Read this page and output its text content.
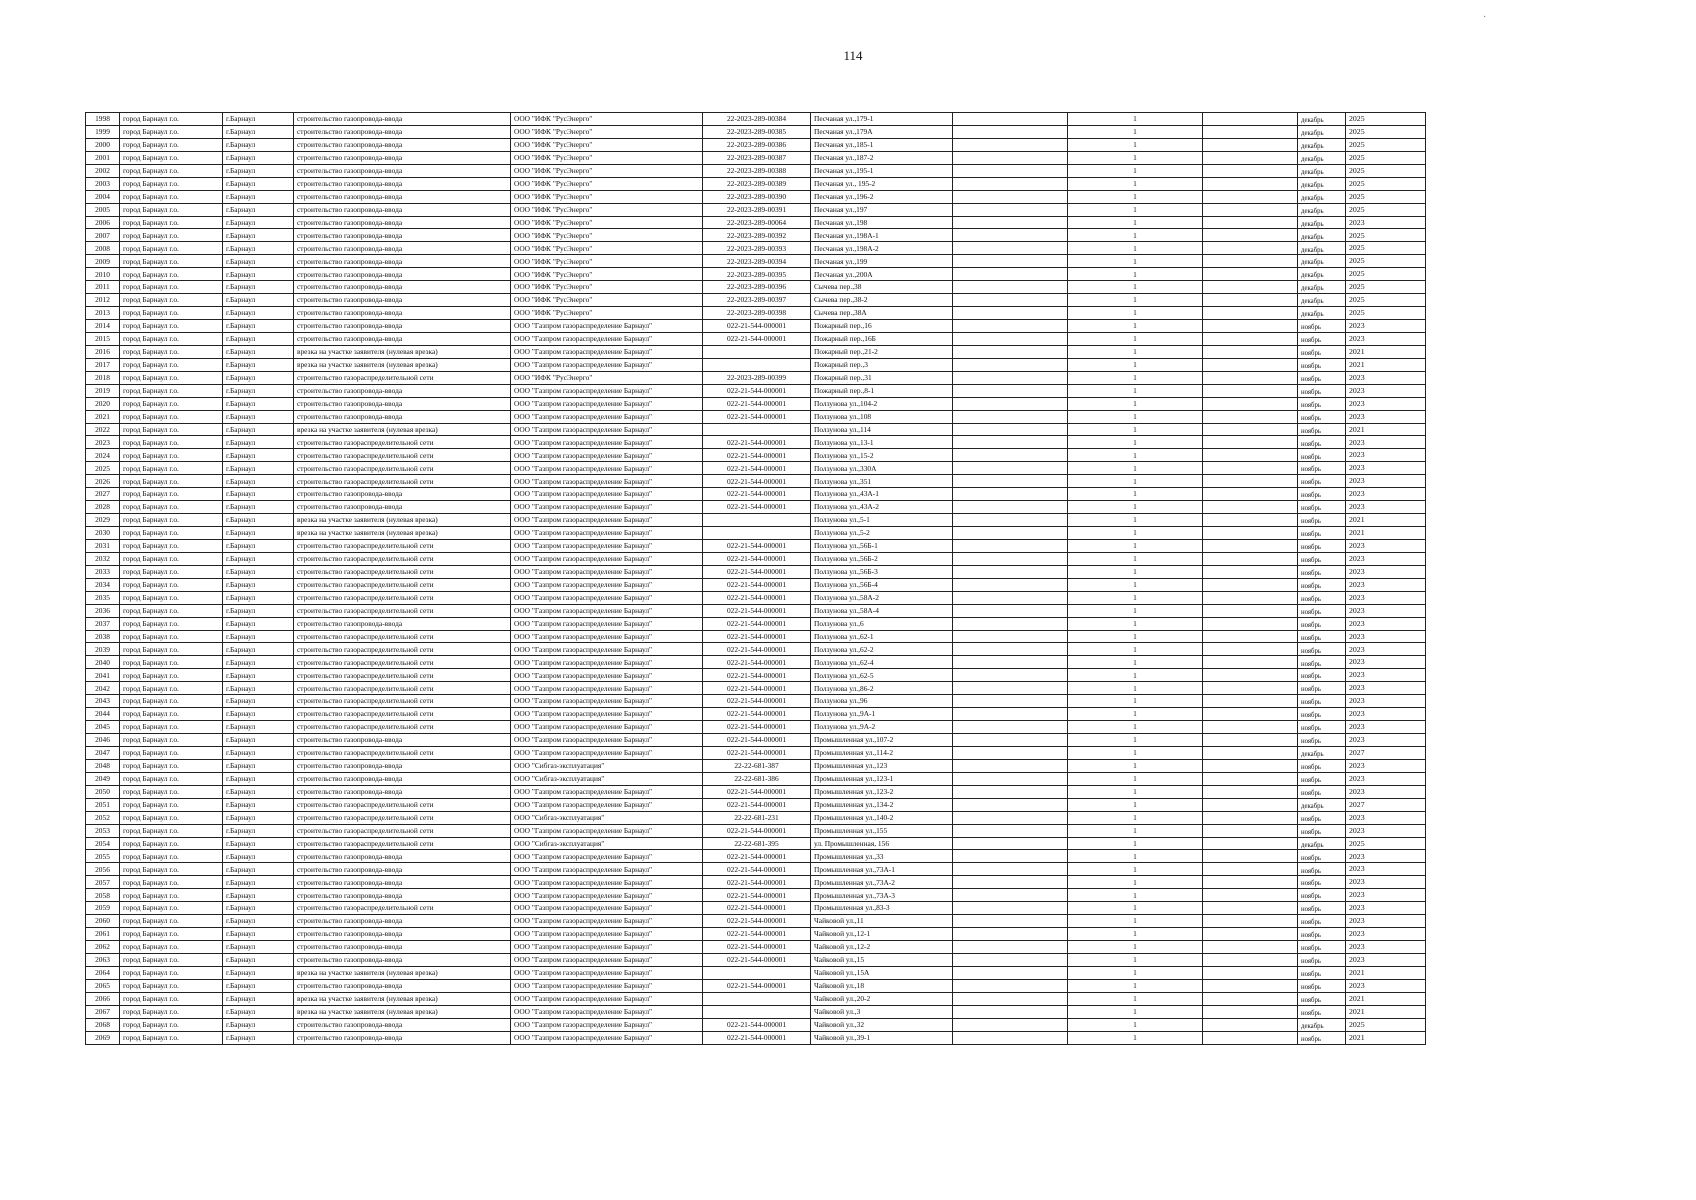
114
1998	город Барнаул г.о.	г.Барнаул	строительство газопровода-ввода	ООО "ИФК "РусЭнерго"	22-2023-289-00384	Песчаная ул.,179-1		1		декабрь	2025
1999	город Барнаул г.о.	г.Барнаул	строительство газопровода-ввода	ООО "ИФК "РусЭнерго"	22-2023-289-00385	Песчаная ул.,179А		1		декабрь	2025
2000	город Барнаул г.о.	г.Барнаул	строительство газопровода-ввода	ООО "ИФК "РусЭнерго"	22-2023-289-00386	Песчаная ул.,185-1		1		декабрь	2025
2001	город Барнаул г.о.	г.Барнаул	строительство газопровода-ввода	ООО "ИФК "РусЭнерго"	22-2023-289-00387	Песчаная ул.,187-2		1		декабрь	2025
2002	город Барнаул г.о.	г.Барнаул	строительство газопровода-ввода	ООО "ИФК "РусЭнерго"	22-2023-289-00388	Песчаная ул.,195-1		1		декабрь	2025
2003	город Барнаул г.о.	г.Барнаул	строительство газопровода-ввода	ООО "ИФК "РусЭнерго"	22-2023-289-00389	Песчаная ул., 195-2		1		декабрь	2025
2004	город Барнаул г.о.	г.Барнаул	строительство газопровода-ввода	ООО "ИФК "РусЭнерго"	22-2023-289-00390	Песчаная ул.,196-2		1		декабрь	2025
2005	город Барнаул г.о.	г.Барнаул	строительство газопровода-ввода	ООО "ИФК "РусЭнерго"	22-2023-289-00391	Песчаная ул.,197		1		декабрь	2025
2006	город Барнаул г.о.	г.Барнаул	строительство газопровода-ввода	ООО "ИФК "РусЭнерго"	22-2023-289-00064	Песчаная ул.,198		1		декабрь	2023
2007	город Барнаул г.о.	г.Барнаул	строительство газопровода-ввода	ООО "ИФК "РусЭнерго"	22-2023-289-00392	Песчаная ул.,198А-1		1		декабрь	2025
2008	город Барнаул г.о.	г.Барнаул	строительство газопровода-ввода	ООО "ИФК "РусЭнерго"	22-2023-289-00393	Песчаная ул.,198А-2		1		декабрь	2025
2009	город Барнаул г.о.	г.Барнаул	строительство газопровода-ввода	ООО "ИФК "РусЭнерго"	22-2023-289-00394	Песчаная ул.,199		1		декабрь	2025
2010	город Барнаул г.о.	г.Барнаул	строительство газопровода-ввода	ООО "ИФК "РусЭнерго"	22-2023-289-00395	Песчаная ул.,200А		1		декабрь	2025
2011	город Барнаул г.о.	г.Барнаул	строительство газопровода-ввода	ООО "ИФК "РусЭнерго"	22-2023-289-00396	Сычева пер.,38		1		декабрь	2025
2012	город Барнаул г.о.	г.Барнаул	строительство газопровода-ввода	ООО "ИФК "РусЭнерго"	22-2023-289-00397	Сычева пер.,38-2		1		декабрь	2025
2013	город Барнаул г.о.	г.Барнаул	строительство газопровода-ввода	ООО "ИФК "РусЭнерго"	22-2023-289-00398	Сычева пер.,38А		1		декабрь	2025
2014	город Барнаул г.о.	г.Барнаул	строительство газопровода-ввода	ООО "Газпром газораспределение Барнаул"	022-21-544-000001	Пожарный пер.,16		1		ноябрь	2023
2015	город Барнаул г.о.	г.Барнаул	строительство газопровода-ввода	ООО "Газпром газораспределение Барнаул"	022-21-544-000001	Пожарный пер.,16Б		1		ноябрь	2023
2016	город Барнаул г.о.	г.Барнаул	врезка на участке заявителя (нулевая врезка)	ООО "Газпром газораспределение Барнаул"		Пожарный пер.,21-2		1		ноябрь	2021
2017	город Барнаул г.о.	г.Барнаул	врезка на участке заявителя (нулевая врезка)	ООО "Газпром газораспределение Барнаул"		Пожарный пер.,3		1		ноябрь	2021
2018	город Барнаул г.о.	г.Барнаул	строительство газораспределительной сети	ООО "ИФК "РусЭнерго"	22-2023-289-00399	Пожарный пер.,31		1		ноябрь	2023
2019	город Барнаул г.о.	г.Барнаул	строительство газопровода-ввода	ООО "Газпром газораспределение Барнаул"	022-21-544-000001	Пожарный пер.,8-1		1		ноябрь	2023
2020	город Барнаул г.о.	г.Барнаул	строительство газопровода-ввода	ООО "Газпром газораспределение Барнаул"	022-21-544-000001	Ползунова ул.,104-2		1		ноябрь	2023
2021	город Барнаул г.о.	г.Барнаул	строительство газопровода-ввода	ООО "Газпром газораспределение Барнаул"	022-21-544-000001	Ползунова ул.,108		1		ноябрь	2023
2022	город Барнаул г.о.	г.Барнаул	врезка на участке заявителя (нулевая врезка)	ООО "Газпром газораспределение Барнаул"		Ползунова ул.,114		1		ноябрь	2021
2023	город Барнаул г.о.	г.Барнаул	строительство газораспределительной сети	ООО "Газпром газораспределение Барнаул"	022-21-544-000001	Ползунова ул.,13-1		1		ноябрь	2023
2024	город Барнаул г.о.	г.Барнаул	строительство газораспределительной сети	ООО "Газпром газораспределение Барнаул"	022-21-544-000001	Ползунова ул.,15-2		1		ноябрь	2023
2025	город Барнаул г.о.	г.Барнаул	строительство газораспределительной сети	ООО "Газпром газораспределение Барнаул"	022-21-544-000001	Ползунова ул.,330А		1		ноябрь	2023
2026	город Барнаул г.о.	г.Барнаул	строительство газораспределительной сети	ООО "Газпром газораспределение Барнаул"	022-21-544-000001	Ползунова ул.,351		1		ноябрь	2023
2027	город Барнаул г.о.	г.Барнаул	строительство газопровода-ввода	ООО "Газпром газораспределение Барнаул"	022-21-544-000001	Ползунова ул.,43А-1		1		ноябрь	2023
2028	город Барнаул г.о.	г.Барнаул	строительство газопровода-ввода	ООО "Газпром газораспределение Барнаул"	022-21-544-000001	Ползунова ул.,43А-2		1		ноябрь	2023
2029	город Барнаул г.о.	г.Барнаул	врезка на участке заявителя (нулевая врезка)	ООО "Газпром газораспределение Барнаул"		Ползунова ул.,5-1		1		ноябрь	2021
2030	город Барнаул г.о.	г.Барнаул	врезка на участке заявителя (нулевая врезка)	ООО "Газпром газораспределение Барнаул"		Ползунова ул.,5-2		1		ноябрь	2021
2031	город Барнаул г.о.	г.Барнаул	строительство газораспределительной сети	ООО "Газпром газораспределение Барнаул"	022-21-544-000001	Ползунова ул.,56Б-1		1		ноябрь	2023
2032	город Барнаул г.о.	г.Барнаул	строительство газораспределительной сети	ООО "Газпром газораспределение Барнаул"	022-21-544-000001	Ползунова ул.,56Б-2		1		ноябрь	2023
2033	город Барнаул г.о.	г.Барнаул	строительство газораспределительной сети	ООО "Газпром газораспределение Барнаул"	022-21-544-000001	Ползунова ул.,56Б-3		1		ноябрь	2023
2034	город Барнаул г.о.	г.Барнаул	строительство газораспределительной сети	ООО "Газпром газораспределение Барнаул"	022-21-544-000001	Ползунова ул.,56Б-4		1		ноябрь	2023
2035	город Барнаул г.о.	г.Барнаул	строительство газораспределительной сети	ООО "Газпром газораспределение Барнаул"	022-21-544-000001	Ползунова ул.,58А-2		1		ноябрь	2023
2036	город Барнаул г.о.	г.Барнаул	строительство газораспределительной сети	ООО "Газпром газораспределение Барнаул"	022-21-544-000001	Ползунова ул.,58А-4		1		ноябрь	2023
2037	город Барнаул г.о.	г.Барнаул	строительство газопровода-ввода	ООО "Газпром газораспределение Барнаул"	022-21-544-000001	Ползунова ул.,6		1		ноябрь	2023
2038	город Барнаул г.о.	г.Барнаул	строительство газораспределительной сети	ООО "Газпром газораспределение Барнаул"	022-21-544-000001	Ползунова ул.,62-1		1		ноябрь	2023
2039	город Барнаул г.о.	г.Барнаул	строительство газораспределительной сети	ООО "Газпром газораспределение Барнаул"	022-21-544-000001	Ползунова ул.,62-2		1		ноябрь	2023
2040	город Барнаул г.о.	г.Барнаул	строительство газораспределительной сети	ООО "Газпром газораспределение Барнаул"	022-21-544-000001	Ползунова ул.,62-4		1		ноябрь	2023
2041	город Барнаул г.о.	г.Барнаул	строительство газораспределительной сети	ООО "Газпром газораспределение Барнаул"	022-21-544-000001	Ползунова ул.,62-5		1		ноябрь	2023
2042	город Барнаул г.о.	г.Барнаул	строительство газораспределительной сети	ООО "Газпром газораспределение Барнаул"	022-21-544-000001	Ползунова ул.,86-2		1		ноябрь	2023
2043	город Барнаул г.о.	г.Барнаул	строительство газораспределительной сети	ООО "Газпром газораспределение Барнаул"	022-21-544-000001	Ползунова ул.,96		1		ноябрь	2023
2044	город Барнаул г.о.	г.Барнаул	строительство газораспределительной сети	ООО "Газпром газораспределение Барнаул"	022-21-544-000001	Ползунова ул.,9А-1		1		ноябрь	2023
2045	город Барнаул г.о.	г.Барнаул	строительство газораспределительной сети	ООО "Газпром газораспределение Барнаул"	022-21-544-000001	Ползунова ул.,9А-2		1		ноябрь	2023
2046	город Барнаул г.о.	г.Барнаул	строительство газопровода-ввода	ООО "Газпром газораспределение Барнаул"	022-21-544-000001	Промышленная ул.,107-2		1		ноябрь	2023
2047	город Барнаул г.о.	г.Барнаул	строительство газораспределительной сети	ООО "Газпром газораспределение Барнаул"	022-21-544-000001	Промышленная ул.,114-2		1		декабрь	2027
2048	город Барнаул г.о.	г.Барнаул	строительство газопровода-ввода	ООО "Сибгаз-эксплуатация"	22-22-681-387	Промышленная ул.,123		1		ноябрь	2023
2049	город Барнаул г.о.	г.Барнаул	строительство газопровода-ввода	ООО "Сибгаз-эксплуатация"	22-22-681-386	Промышленная ул.,123-1		1		ноябрь	2023
2050	город Барнаул г.о.	г.Барнаул	строительство газопровода-ввода	ООО "Газпром газораспределение Барнаул"	022-21-544-000001	Промышленная ул.,123-2		1		ноябрь	2023
2051	город Барнаул г.о.	г.Барнаул	строительство газораспределительной сети	ООО "Газпром газораспределение Барнаул"	022-21-544-000001	Промышленная ул.,134-2		1		декабрь	2027
2052	город Барнаул г.о.	г.Барнаул	строительство газораспределительной сети	ООО "Сибгаз-эксплуатация"	22-22-681-231	Промышленная ул.,140-2		1		ноябрь	2023
2053	город Барнаул г.о.	г.Барнаул	строительство газораспределительной сети	ООО "Газпром газораспределение Барнаул"	022-21-544-000001	Промышленная ул.,155		1		ноябрь	2023
2054	город Барнаул г.о.	г.Барнаул	строительство газораспределительной сети	ООО "Сибгаз-эксплуатация"	22-22-681-395	ул. Промышленная, 156		1		декабрь	2025
2055	город Барнаул г.о.	г.Барнаул	строительство газопровода-ввода	ООО "Газпром газораспределение Барнаул"	022-21-544-000001	Промышленная ул.,33		1		ноябрь	2023
2056	город Барнаул г.о.	г.Барнаул	строительство газопровода-ввода	ООО "Газпром газораспределение Барнаул"	022-21-544-000001	Промышленная ул.,73А-1		1		ноябрь	2023
2057	город Барнаул г.о.	г.Барнаул	строительство газопровода-ввода	ООО "Газпром газораспределение Барнаул"	022-21-544-000001	Промышленная ул.,73А-2		1		ноябрь	2023
2058	город Барнаул г.о.	г.Барнаул	строительство газопровода-ввода	ООО "Газпром газораспределение Барнаул"	022-21-544-000001	Промышленная ул.,73А-3		1		ноябрь	2023
2059	город Барнаул г.о.	г.Барнаул	строительство газораспределительной сети	ООО "Газпром газораспределение Барнаул"	022-21-544-000001	Промышленная ул.,83-3		1		ноябрь	2023
2060	город Барнаул г.о.	г.Барнаул	строительство газопровода-ввода	ООО "Газпром газораспределение Барнаул"	022-21-544-000001	Чайковой ул.,11		1		ноябрь	2023
2061	город Барнаул г.о.	г.Барнаул	строительство газопровода-ввода	ООО "Газпром газораспределение Барнаул"	022-21-544-000001	Чайковой ул.,12-1		1		ноябрь	2023
2062	город Барнаул г.о.	г.Барнаул	строительство газопровода-ввода	ООО "Газпром газораспределение Барнаул"	022-21-544-000001	Чайковой ул.,12-2		1		ноябрь	2023
2063	город Барнаул г.о.	г.Барнаул	строительство газопровода-ввода	ООО "Газпром газораспределение Барнаул"	022-21-544-000001	Чайковой ул.,15		1		ноябрь	2023
2064	город Барнаул г.о.	г.Барнаул	врезка на участке заявителя (нулевая врезка)	ООО "Газпром газораспределение Барнаул"		Чайковой ул.,15А		1		ноябрь	2021
2065	город Барнаул г.о.	г.Барнаул	строительство газопровода-ввода	ООО "Газпром газораспределение Барнаул"	022-21-544-000001	Чайковой ул.,18		1		ноябрь	2023
2066	город Барнаул г.о.	г.Барнаул	врезка на участке заявителя (нулевая врезка)	ООО "Газпром газораспределение Барнаул"		Чайковой ул.,20-2		1		ноябрь	2021
2067	город Барнаул г.о.	г.Барнаул	врезка на участке заявителя (нулевая врезка)	ООО "Газпром газораспределение Барнаул"		Чайковой ул.,3		1		ноябрь	2021
2068	город Барнаул г.о.	г.Барнаул	строительство газопровода-ввода	ООО "Газпром газораспределение Барнаул"	022-21-544-000001	Чайковой ул.,32		1		декабрь	2025
2069	город Барнаул г.о.	г.Барнаул	строительство газопровода-ввода	ООО "Газпром газораспределение Барнаул"	022-21-544-000001	Чайковой ул.,39-1		1		ноябрь	2021
·
